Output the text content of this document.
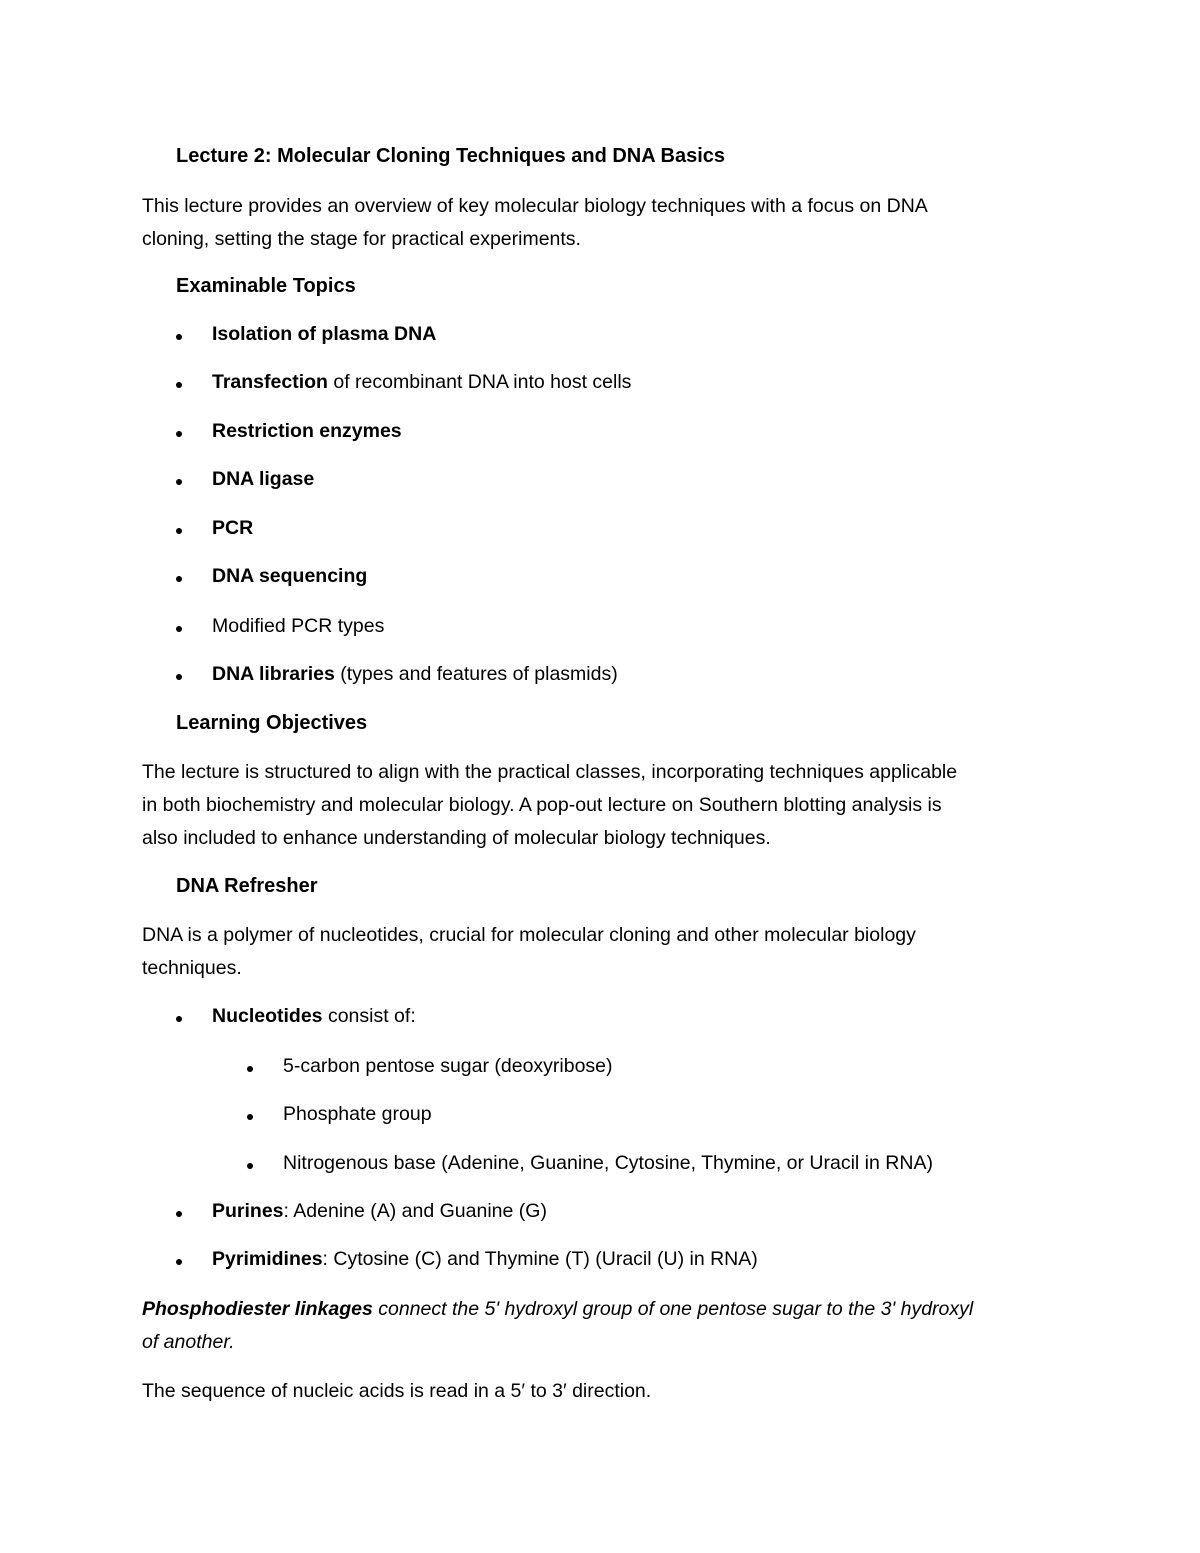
Lecture 2: Molecular Cloning Techniques and DNA Basics
This lecture provides an overview of key molecular biology techniques with a focus on DNA
cloning, setting the stage for practical experiments.
Examinable Topics
Isolation of plasma DNA
Transfection of recombinant DNA into host cells
Restriction enzymes
DNA ligase
PCR
DNA sequencing
Modified PCR types
DNA libraries (types and features of plasmids)
Learning Objectives
The lecture is structured to align with the practical classes, incorporating techniques applicable
in both biochemistry and molecular biology. A pop-out lecture on Southern blotting analysis is
also included to enhance understanding of molecular biology techniques.
DNA Refresher
DNA is a polymer of nucleotides, crucial for molecular cloning and other molecular biology
techniques.
Nucleotides consist of:
5-carbon pentose sugar (deoxyribose)
Phosphate group
Nitrogenous base (Adenine, Guanine, Cytosine, Thymine, or Uracil in RNA)
Purines: Adenine (A) and Guanine (G)
Pyrimidines: Cytosine (C) and Thymine (T) (Uracil (U) in RNA)
Phosphodiester linkages connect the 5' hydroxyl group of one pentose sugar to the 3' hydroxyl
of another.
The sequence of nucleic acids is read in a 5′ to 3′ direction.
